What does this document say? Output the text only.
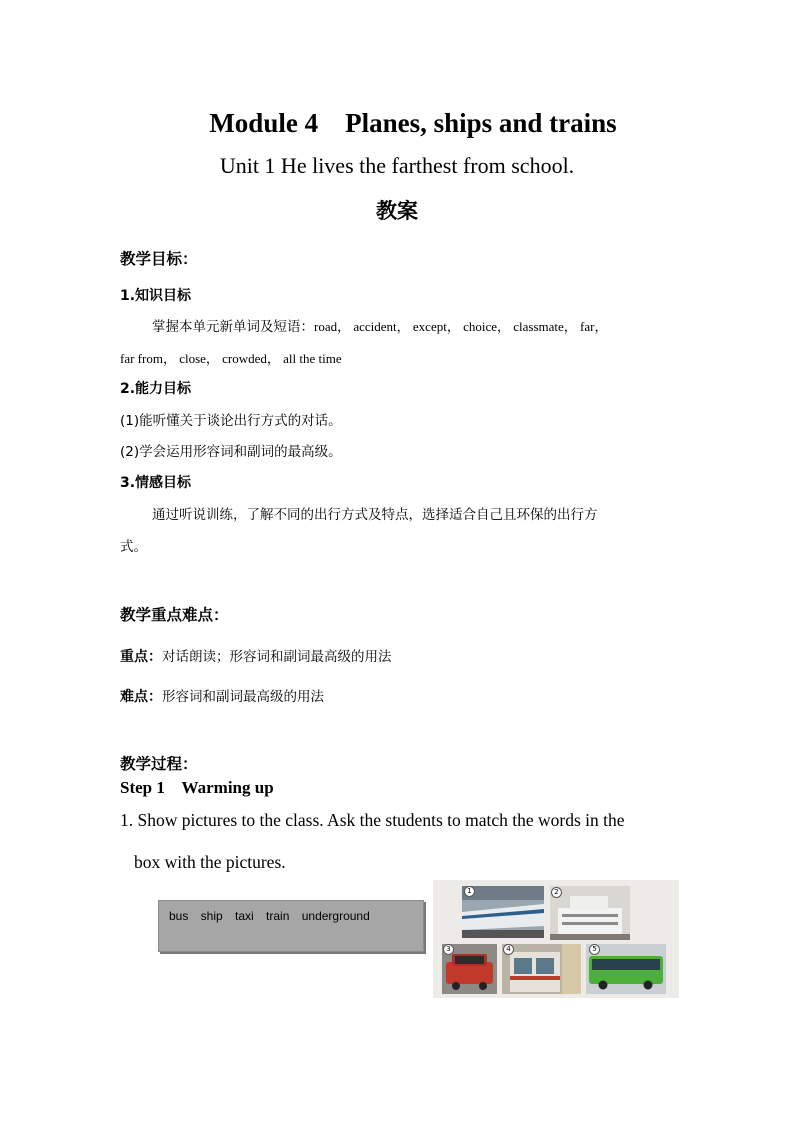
Module 4    Planes, ships and trains
Unit 1 He lives the farthest from school.
教案
教学目标：
1.知识目标
掌握本单元新单词及短语：road， accident， except， choice， classmate， far，
far from， close， crowded， all the time
2.能力目标
(1)能听懂关于谈论出行方式的对话。
(2)学会运用形容词和副词的最高级。
3.情感目标
通过听说训练，了解不同的出行方式及特点，选择适合自己且环保的出行方
式。
教学重点难点：
重点：对话朗读；形容词和副词最高级的用法
难点：形容词和副词最高级的用法
教学过程：
Step 1    Warming up
1. Show pictures to the class. Ask the students to match the words in the
box with the pictures.
bus ship taxi train underground
1	2
3	4	5
